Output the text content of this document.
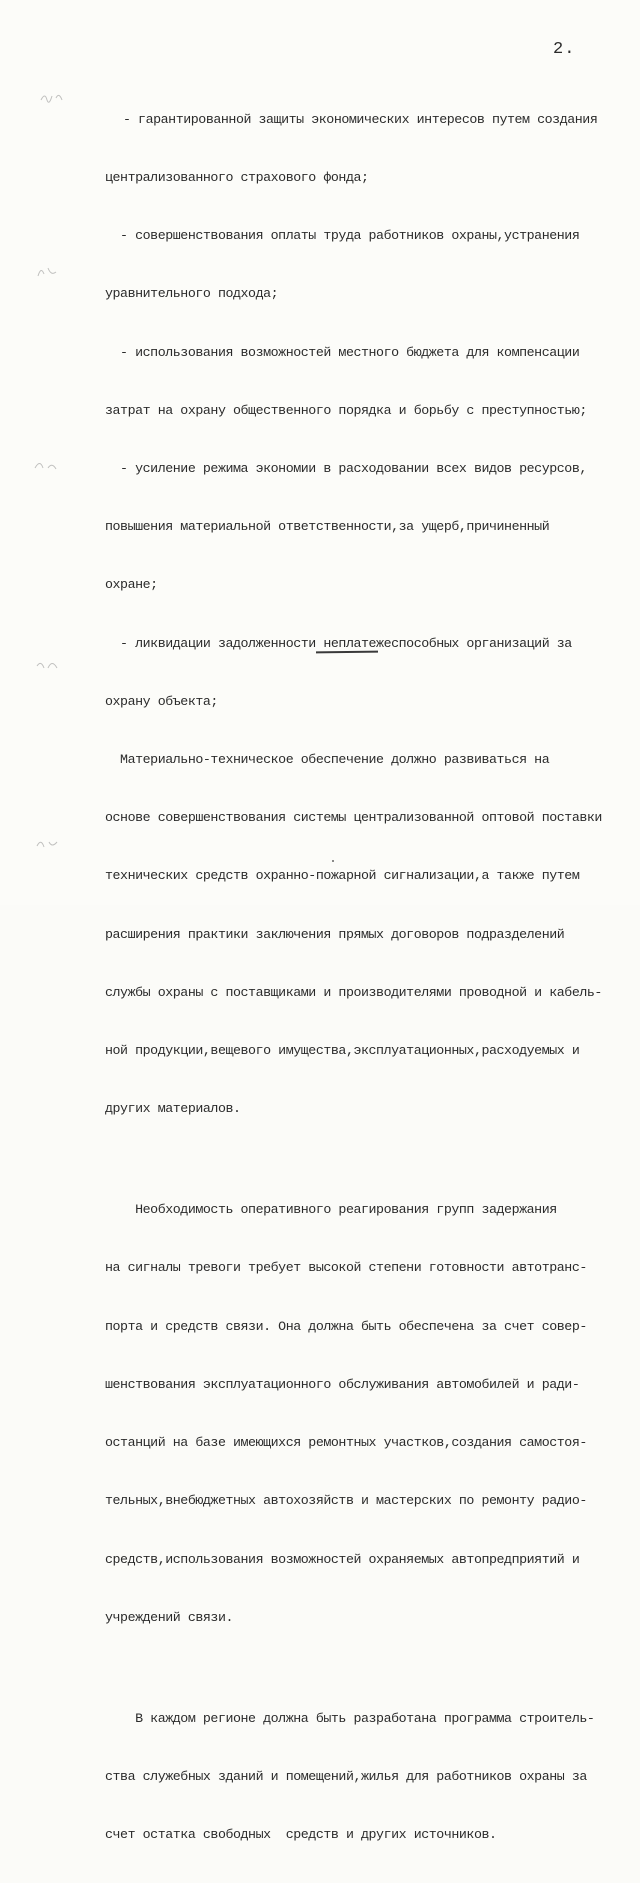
2.

- гарантированной защиты экономических интересов путем создания

централизованного страхового фонда;

- совершенствования оплаты труда работников охраны,устранения

уравнительного подхода;

- использования возможностей местного бюджета для компенсации

затрат на охрану общественного порядка и борьбу с преступностью;

- усиление режима экономии в расходовании всех видов ресурсов,

повышения материальной ответственности,за ущерб,причиненный

охране;

- ликвидации задолженности неплатежеспособных организаций за

охрану объекта;

Материально-техническое обеспечение должно развиваться на

основе совершенствования системы централизованной оптовой поставки

технических средств охранно-пожарной сигнализации,а также путем

расширения практики заключения прямых договоров подразделений

службы охраны с поставщиками и производителями проводной и кабель-

ной продукции,вещевого имущества,эксплуатационных,расходуемых и

других материалов.

Необходимость оперативного реагирования групп задержания

на сигналы тревоги требует высокой степени готовности автотранс-

порта и средств связи. Она должна быть обеспечена за счет совер-

шенствования эксплуатационного обслуживания автомобилей и ради-

останций на базе имеющихся ремонтных участков,создания самостоя-

тельных,внебюджетных автохозяйств и мастерских по ремонту радио-

средств,использования возможностей охраняемых автопредприятий и

учреждений связи.

В каждом регионе должна быть разработана программа строитель-

ства служебных зданий и помещений,жилья для работников охраны за

счет остатка свободных  средств и других источников.
